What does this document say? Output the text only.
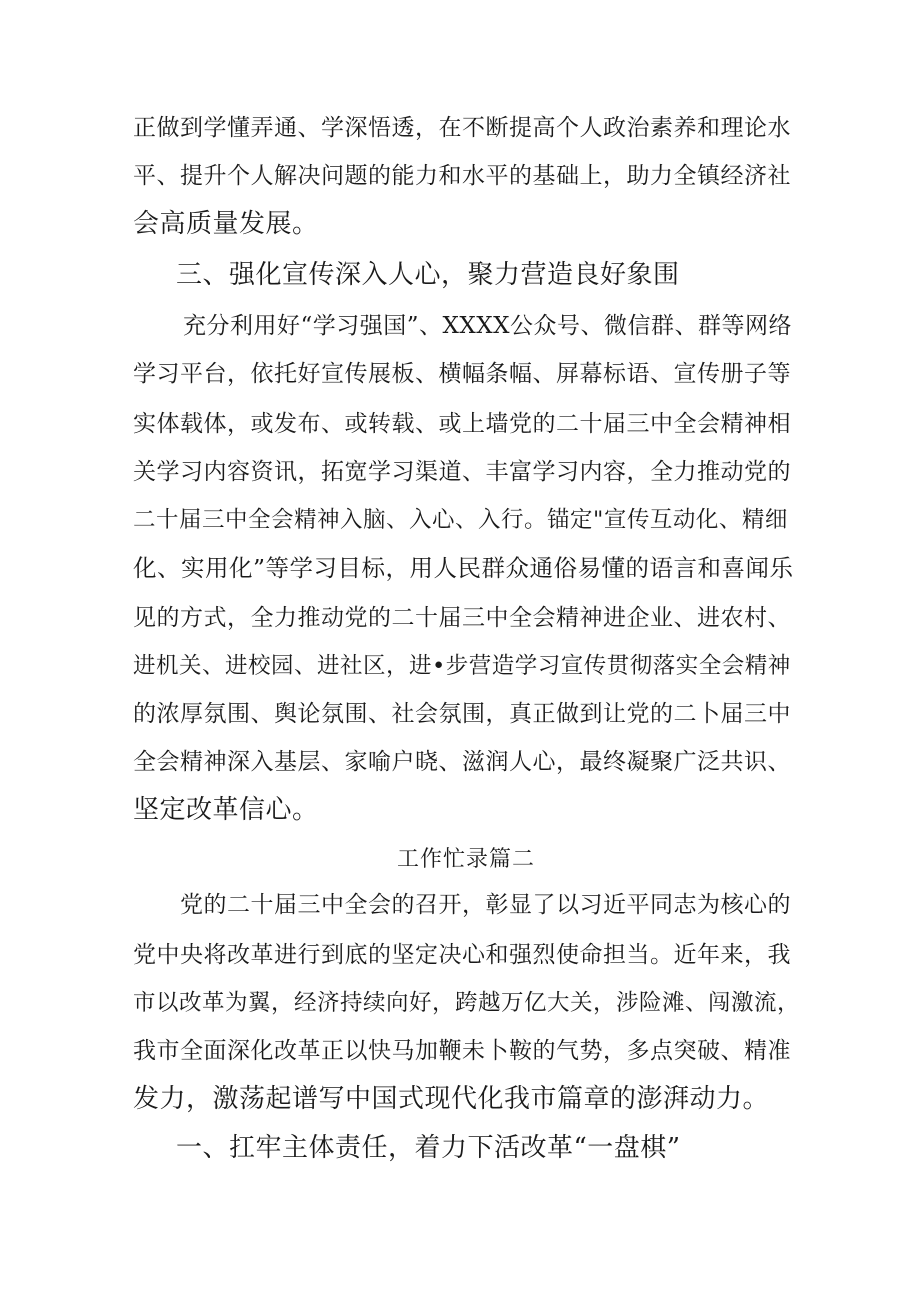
正做到学懂弄通、学深悟透，在不断提高个人政治素养和理论水
平、提升个人解决问题的能力和水平的基础上，助力全镇经济社
会高质量发展。
三、强化宣传深入人心，聚力营造良好象围
充分利用好“学习强国”、XXXX公众号、微信群、群等网络
学习平台，依托好宣传展板、横幅条幅、屏幕标语、宣传册子等
实体载体，或发布、或转载、或上墙党的二十届三中全会精神相
关学习内容资讯，拓宽学习渠道、丰富学习内容，全力推动党的
二十届三中全会精神入脑、入心、入行。锚定"宣传互动化、精细
化、实用化”等学习目标，用人民群众通俗易懂的语言和喜闻乐
见的方式，全力推动党的二十届三中全会精神进企业、进农村、
进机关、进校园、进社区，进•步营造学习宣传贯彻落实全会精神
的浓厚氛围、舆论氛围、社会氛围，真正做到让党的二卜届三中
全会精神深入基层、家喻户晓、滋润人心，最终凝聚广泛共识、
坚定改革信心。
工作忙录篇二
党的二十届三中全会的召开，彰显了以习近平同志为核心的
党中央将改革进行到底的坚定决心和强烈使命担当。近年来，我
市以改革为翼，经济持续向好，跨越万亿大关，涉险滩、闯激流，
我市全面深化改革正以快马加鞭未卜鞍的气势，多点突破、精准
发力，激荡起谱写中国式现代化我市篇章的澎湃动力。
一、扛牢主体责任，着力下活改革“一盘棋”
